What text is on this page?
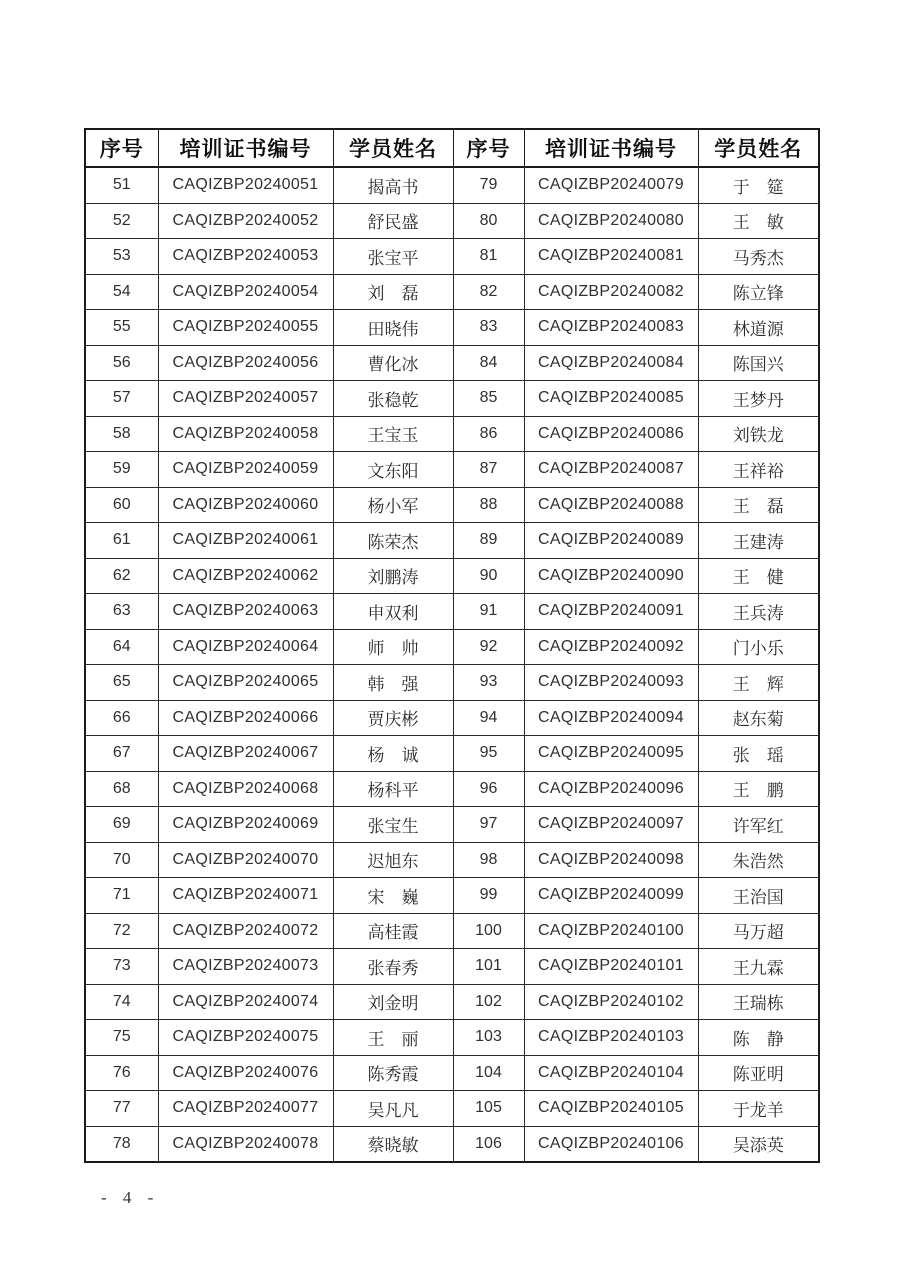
序号	培训证书编号	学员姓名	序号	培训证书编号	学员姓名
51	CAQIZBP20240051	揭高书	79	CAQIZBP20240079	于　筵
52	CAQIZBP20240052	舒民盛	80	CAQIZBP20240080	王　敏
53	CAQIZBP20240053	张宝平	81	CAQIZBP20240081	马秀杰
54	CAQIZBP20240054	刘　磊	82	CAQIZBP20240082	陈立锋
55	CAQIZBP20240055	田晓伟	83	CAQIZBP20240083	林道源
56	CAQIZBP20240056	曹化冰	84	CAQIZBP20240084	陈国兴
57	CAQIZBP20240057	张稳乾	85	CAQIZBP20240085	王梦丹
58	CAQIZBP20240058	王宝玉	86	CAQIZBP20240086	刘铁龙
59	CAQIZBP20240059	文东阳	87	CAQIZBP20240087	王祥裕
60	CAQIZBP20240060	杨小军	88	CAQIZBP20240088	王　磊
61	CAQIZBP20240061	陈荣杰	89	CAQIZBP20240089	王建涛
62	CAQIZBP20240062	刘鹏涛	90	CAQIZBP20240090	王　健
63	CAQIZBP20240063	申双利	91	CAQIZBP20240091	王兵涛
64	CAQIZBP20240064	师　帅	92	CAQIZBP20240092	门小乐
65	CAQIZBP20240065	韩　强	93	CAQIZBP20240093	王　辉
66	CAQIZBP20240066	贾庆彬	94	CAQIZBP20240094	赵东菊
67	CAQIZBP20240067	杨　诚	95	CAQIZBP20240095	张　瑶
68	CAQIZBP20240068	杨科平	96	CAQIZBP20240096	王　鹏
69	CAQIZBP20240069	张宝生	97	CAQIZBP20240097	许军红
70	CAQIZBP20240070	迟旭东	98	CAQIZBP20240098	朱浩然
71	CAQIZBP20240071	宋　巍	99	CAQIZBP20240099	王治国
72	CAQIZBP20240072	高桂霞	100	CAQIZBP20240100	马万超
73	CAQIZBP20240073	张春秀	101	CAQIZBP20240101	王九霖
74	CAQIZBP20240074	刘金明	102	CAQIZBP20240102	王瑞栋
75	CAQIZBP20240075	王　丽	103	CAQIZBP20240103	陈　静
76	CAQIZBP20240076	陈秀霞	104	CAQIZBP20240104	陈亚明
77	CAQIZBP20240077	吴凡凡	105	CAQIZBP20240105	于龙羊
78	CAQIZBP20240078	蔡晓敏	106	CAQIZBP20240106	吴添英
- 4 -
